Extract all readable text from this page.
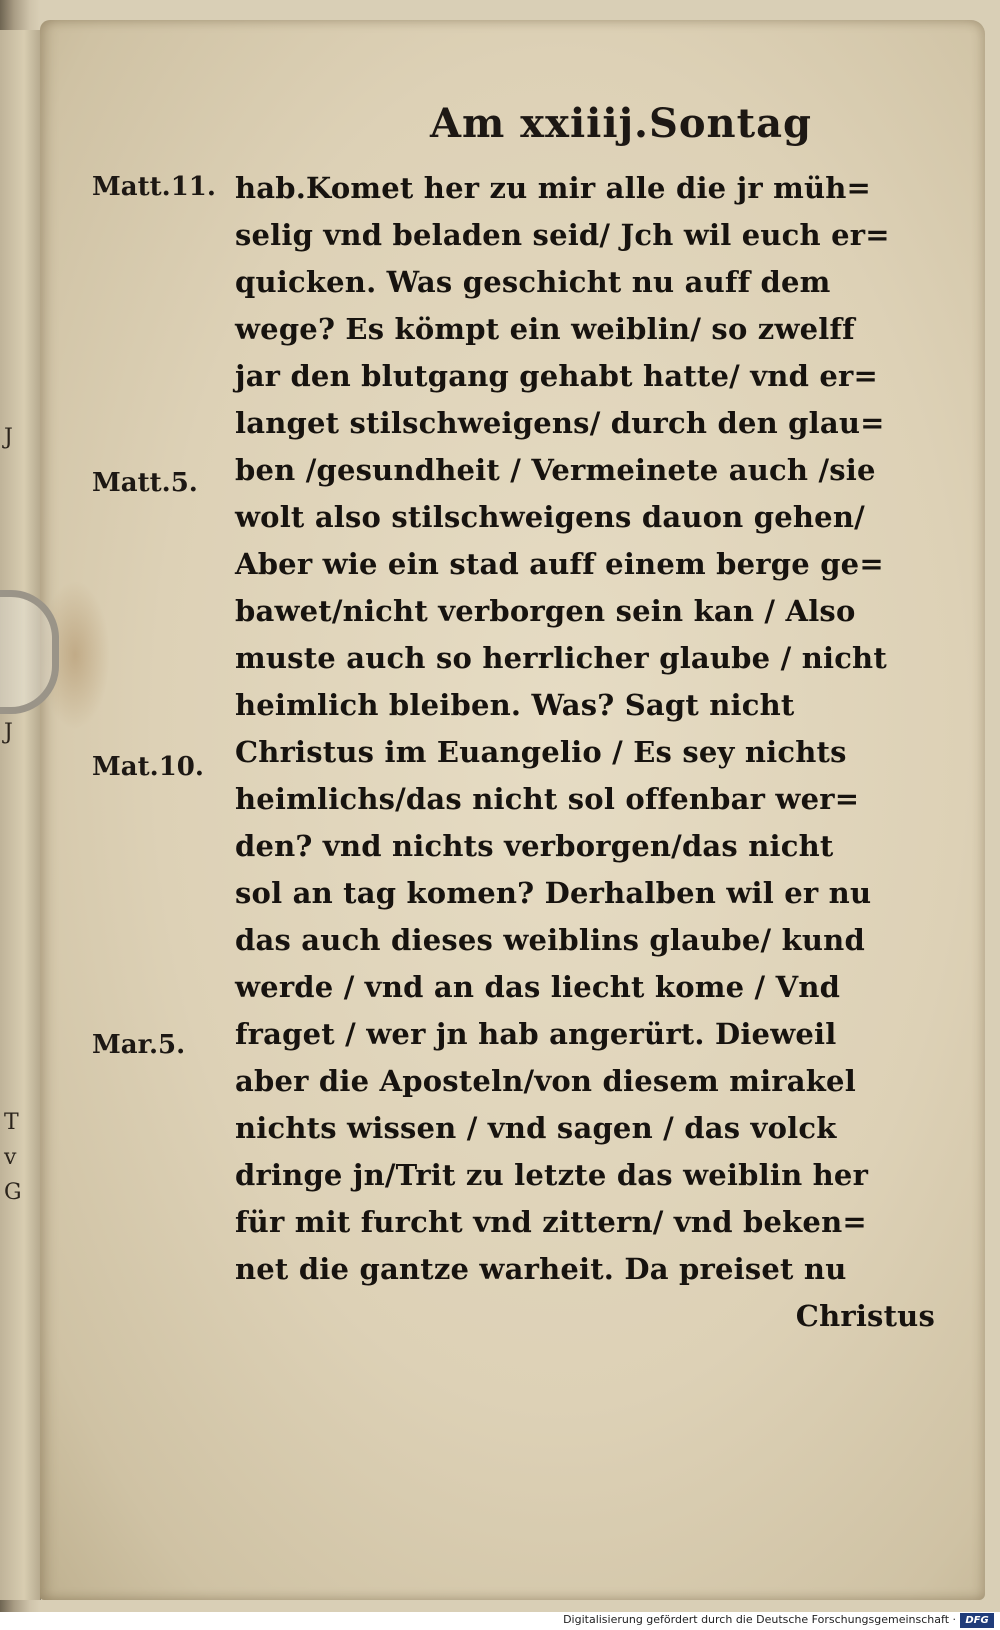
J
J
T
v
G
Am xxiiij.Sontag
Matt.11.
Matt.5.
Mat.10.
Mar.5.
hab.Komet her zu mir alle die jr müh=
selig vnd beladen seid/ Jch wil euch er=
quicken. Was geschicht nu auff dem
wege? Es kömpt ein weiblin/ so zwelff
jar den blutgang gehabt hatte/ vnd er=
langet stilschweigens/ durch den glau=
ben /gesundheit / Vermeinete auch /sie
wolt also stilschweigens dauon gehen/
Aber wie ein stad auff einem berge ge=
bawet/nicht verborgen sein kan / Also
muste auch so herrlicher glaube / nicht
heimlich bleiben. Was? Sagt nicht
Christus im Euangelio / Es sey nichts
heimlichs/das nicht sol offenbar wer=
den? vnd nichts verborgen/das nicht
sol an tag komen? Derhalben wil er nu
das auch dieses weiblins glaube/ kund
werde / vnd an das liecht kome / Vnd
fraget / wer jn hab angerürt. Dieweil
aber die Aposteln/von diesem mirakel
nichts wissen / vnd sagen / das volck
dringe jn/Trit zu letzte das weiblin her
für mit furcht vnd zittern/ vnd beken=
net die gantze warheit. Da preiset nu
Christus
Digitalisierung gefördert durch die Deutsche Forschungsgemeinschaft · DFG
